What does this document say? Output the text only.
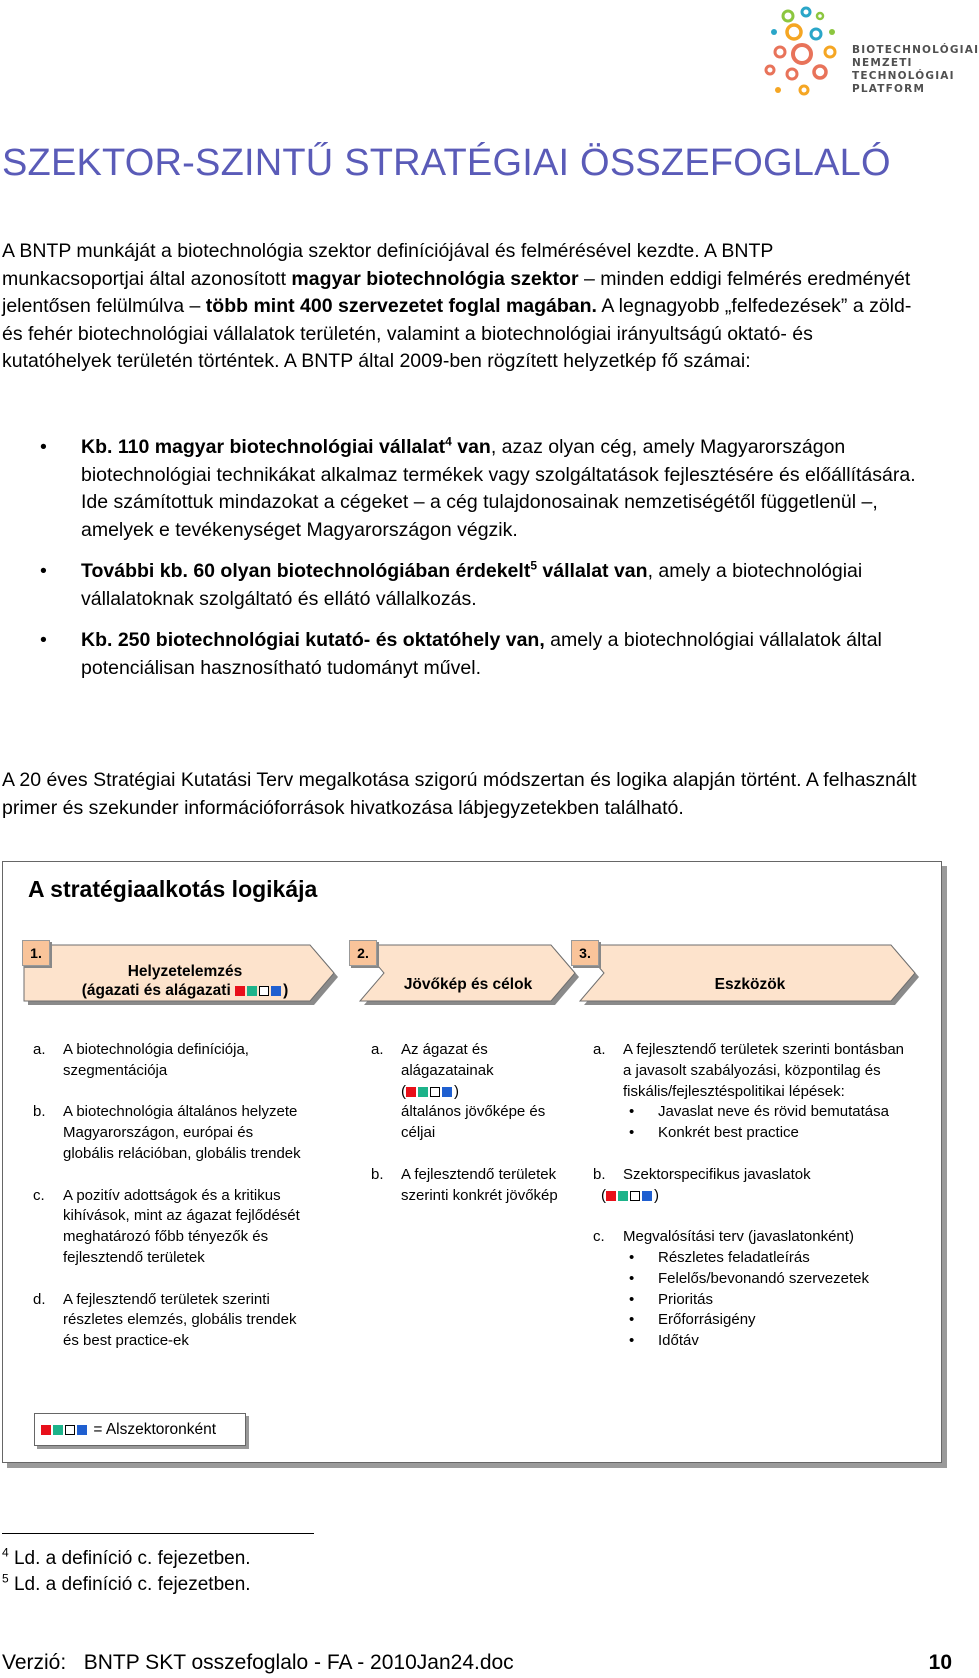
BIOTECHNOLÓGIAI
NEMZETI
TECHNOLÓGIAI
PLATFORM
SZEKTOR-SZINTŰ STRATÉGIAI ÖSSZEFOGLALÓ

A BNTP munkáját a biotechnológia szektor definíciójával és felmérésével kezdte. A BNTP munkacsoportjai által azonosított magyar biotechnológia szektor – minden eddigi felmérés eredményét jelentősen felülmúlva – több mint 400 szervezetet foglal magában. A legnagyobb „felfedezések” a zöld- és fehér biotechnológiai vállalatok területén, valamint a biotechnológiai irányultságú oktató- és kutatóhelyek területén történtek. A BNTP által 2009-ben rögzített helyzetkép fő számai:

• Kb. 110 magyar biotechnológiai vállalat$^4$ van, azaz olyan cég, amely Magyarországon biotechnológiai technikákat alkalmaz termékek vagy szolgáltatások fejlesztésére és előállítására. Ide számítottuk mindazokat a cégeket – a cég tulajdonosainak nemzetiségétől függetlenül –, amelyek e tevékenységet Magyarországon végzik.
• További kb. 60 olyan biotechnológiában érdekelt$^5$ vállalat van, amely a biotechnológiai vállalatoknak szolgáltató és ellátó vállalkozás.
• Kb. 250 biotechnológiai kutató- és oktatóhely van, amely a biotechnológiai vállalatok által potenciálisan hasznosítható tudományt művel.

A 20 éves Stratégiai Kutatási Terv megalkotása szigorú módszertan és logika alapján történt. A felhasznált primer és szekunder információforrások hivatkozása lábjegyzetekben található.

A stratégiaalkotás logikája
1.	2.	3.
Helyzetelemzés
(ágazati és alágazati	)	Jövőkép és célok	Eszközök
a. A biotechnológia definíciója, szegmentációja
b. A biotechnológia általános helyzete Magyarországon, európai és globális relációban, globális trendek
c. A pozitív adottságok és a kritikus kihívások, mint az ágazat fejlődését meghatározó főbb tényezők és fejlesztendő területek
d. A fejlesztendő területek szerinti részletes elemzés, globális trendek és best practice-ek
a. Az ágazat és alágazatainak
(	)
általános jövőképe és céljai
b. A fejlesztendő területek szerinti konkrét jövőkép
a. A fejlesztendő területek szerinti bontásban a javasolt szabályozási, központilag és fiskális/fejlesztéspolitikai lépések:
• Javaslat neve és rövid bemutatása
• Konkrét best practice
b. Szektorspecifikus javaslatok
(	)
c. Megvalósítási terv (javaslatonként)
• Részletes feladatleírás
• Felelős/bevonandó szervezetek
• Prioritás
• Erőforrásigény
• Időtáv
= Alszektoronként
$^4$ Ld. a definíció c. fejezetben.
$^5$ Ld. a definíció c. fejezetben.
Verzió: BNTP SKT osszefoglalo - FA - 2010Jan24.doc	10
